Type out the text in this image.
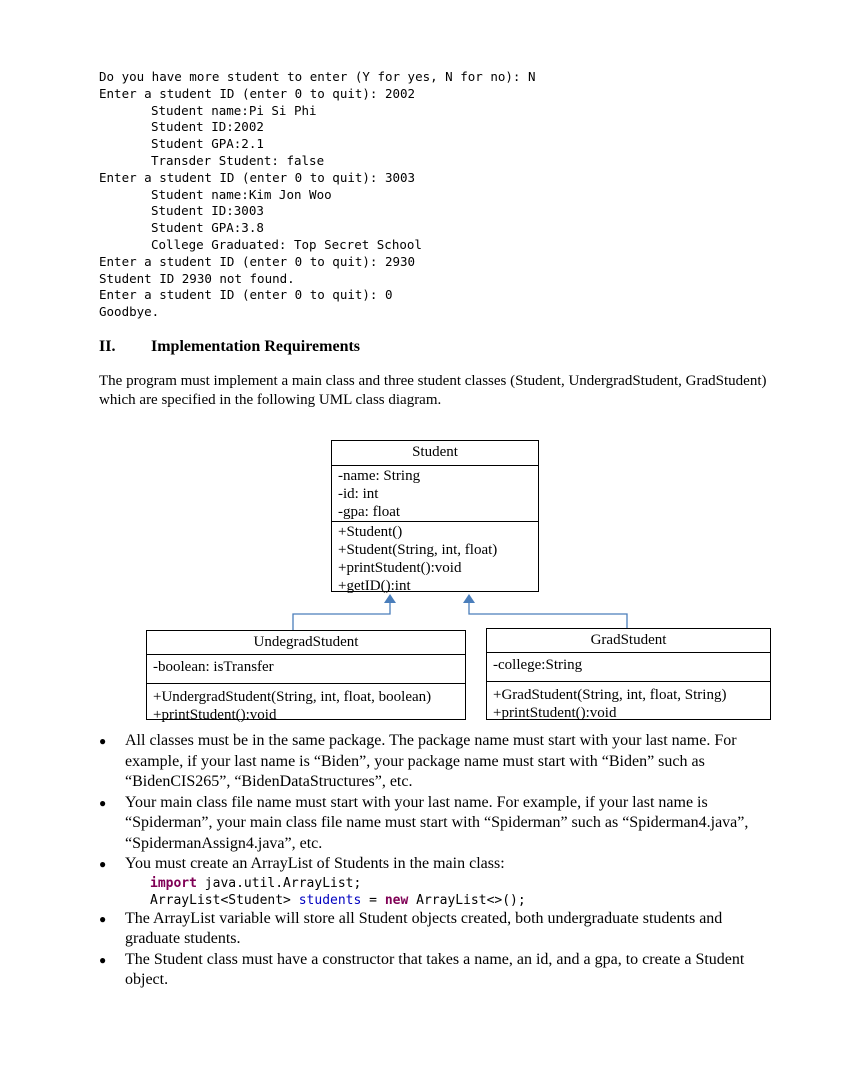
Do you have more student to enter (Y for yes, N for no): N
Enter a student ID (enter 0 to quit): 2002
Student name:Pi Si Phi
Student ID:2002
Student GPA:2.1
Transder Student: false
Enter a student ID (enter 0 to quit): 3003
Student name:Kim Jon Woo
Student ID:3003
Student GPA:3.8
College Graduated: Top Secret School
Enter a student ID (enter 0 to quit): 2930
Student ID 2930 not found.
Enter a student ID (enter 0 to quit): 0
Goodbye.
II. Implementation Requirements
The program must implement a main class and three student classes (Student, UndergradStudent, GradStudent) which are specified in the following UML class diagram.
Student
-name: String
-id: int
-gpa: float
+Student()
+Student(String, int, float)
+printStudent():void
+getID():int
UndegradStudent
-boolean: isTransfer
+UndergradStudent(String, int, float, boolean)
+printStudent():void
GradStudent
-college:String
+GradStudent(String, int, float, String)
+printStudent():void
●	All classes must be in the same package. The package name must start with your last name. For example, if your last name is “Biden”, your package name must start with “Biden” such as “BidenCIS265”, “BidenDataStructures”, etc.
●	Your main class file name must start with your last name. For example, if your last name is “Spiderman”, your main class file name must start with “Spiderman” such as “Spiderman4.java”, “SpidermanAssign4.java”, etc.
●	You must create an ArrayList of Students in the main class:
import java.util.ArrayList;
ArrayList<Student> students = new ArrayList<>();
●	The ArrayList variable will store all Student objects created, both undergraduate students and graduate students.
●	The Student class must have a constructor that takes a name, an id, and a gpa, to create a Student object.
